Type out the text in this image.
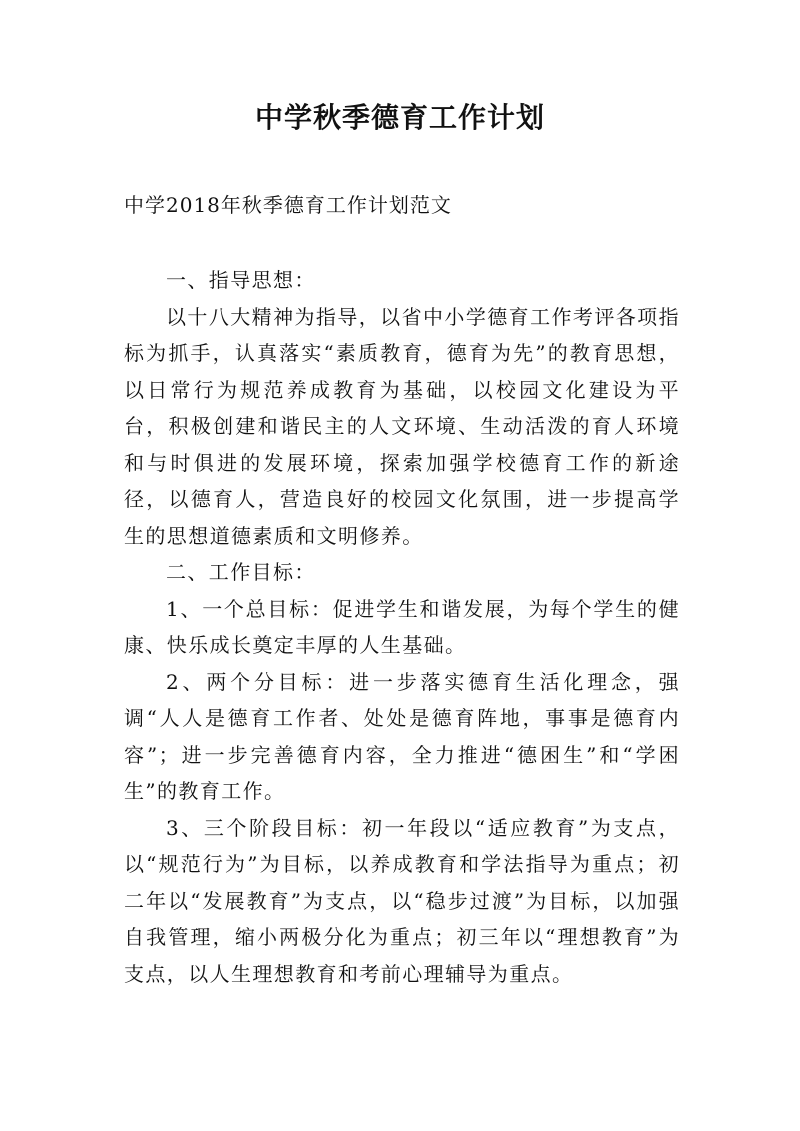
中学秋季德育工作计划
中学2018年秋季德育工作计划范文

一、指导思想：

以十八大精神为指导，以省中小学德育工作考评各项指标为抓手，认真落实“素质教育，德育为先”的教育思想，以日常行为规范养成教育为基础，以校园文化建设为平台，积极创建和谐民主的人文环境、生动活泼的育人环境和与时俱进的发展环境，探索加强学校德育工作的新途径，以德育人，营造良好的校园文化氛围，进一步提高学生的思想道德素质和文明修养。

二、工作目标：

1、一个总目标：促进学生和谐发展，为每个学生的健康、快乐成长奠定丰厚的人生基础。

2、两个分目标：进一步落实德育生活化理念，强调“人人是德育工作者、处处是德育阵地，事事是德育内容”；进一步完善德育内容，全力推进“德困生”和“学困生”的教育工作。

3、三个阶段目标：初一年段以“适应教育”为支点，以“规范行为”为目标，以养成教育和学法指导为重点；初二年以“发展教育”为支点，以“稳步过渡”为目标，以加强自我管理，缩小两极分化为重点；初三年以“理想教育”为支点，以人生理想教育和考前心理辅导为重点。
